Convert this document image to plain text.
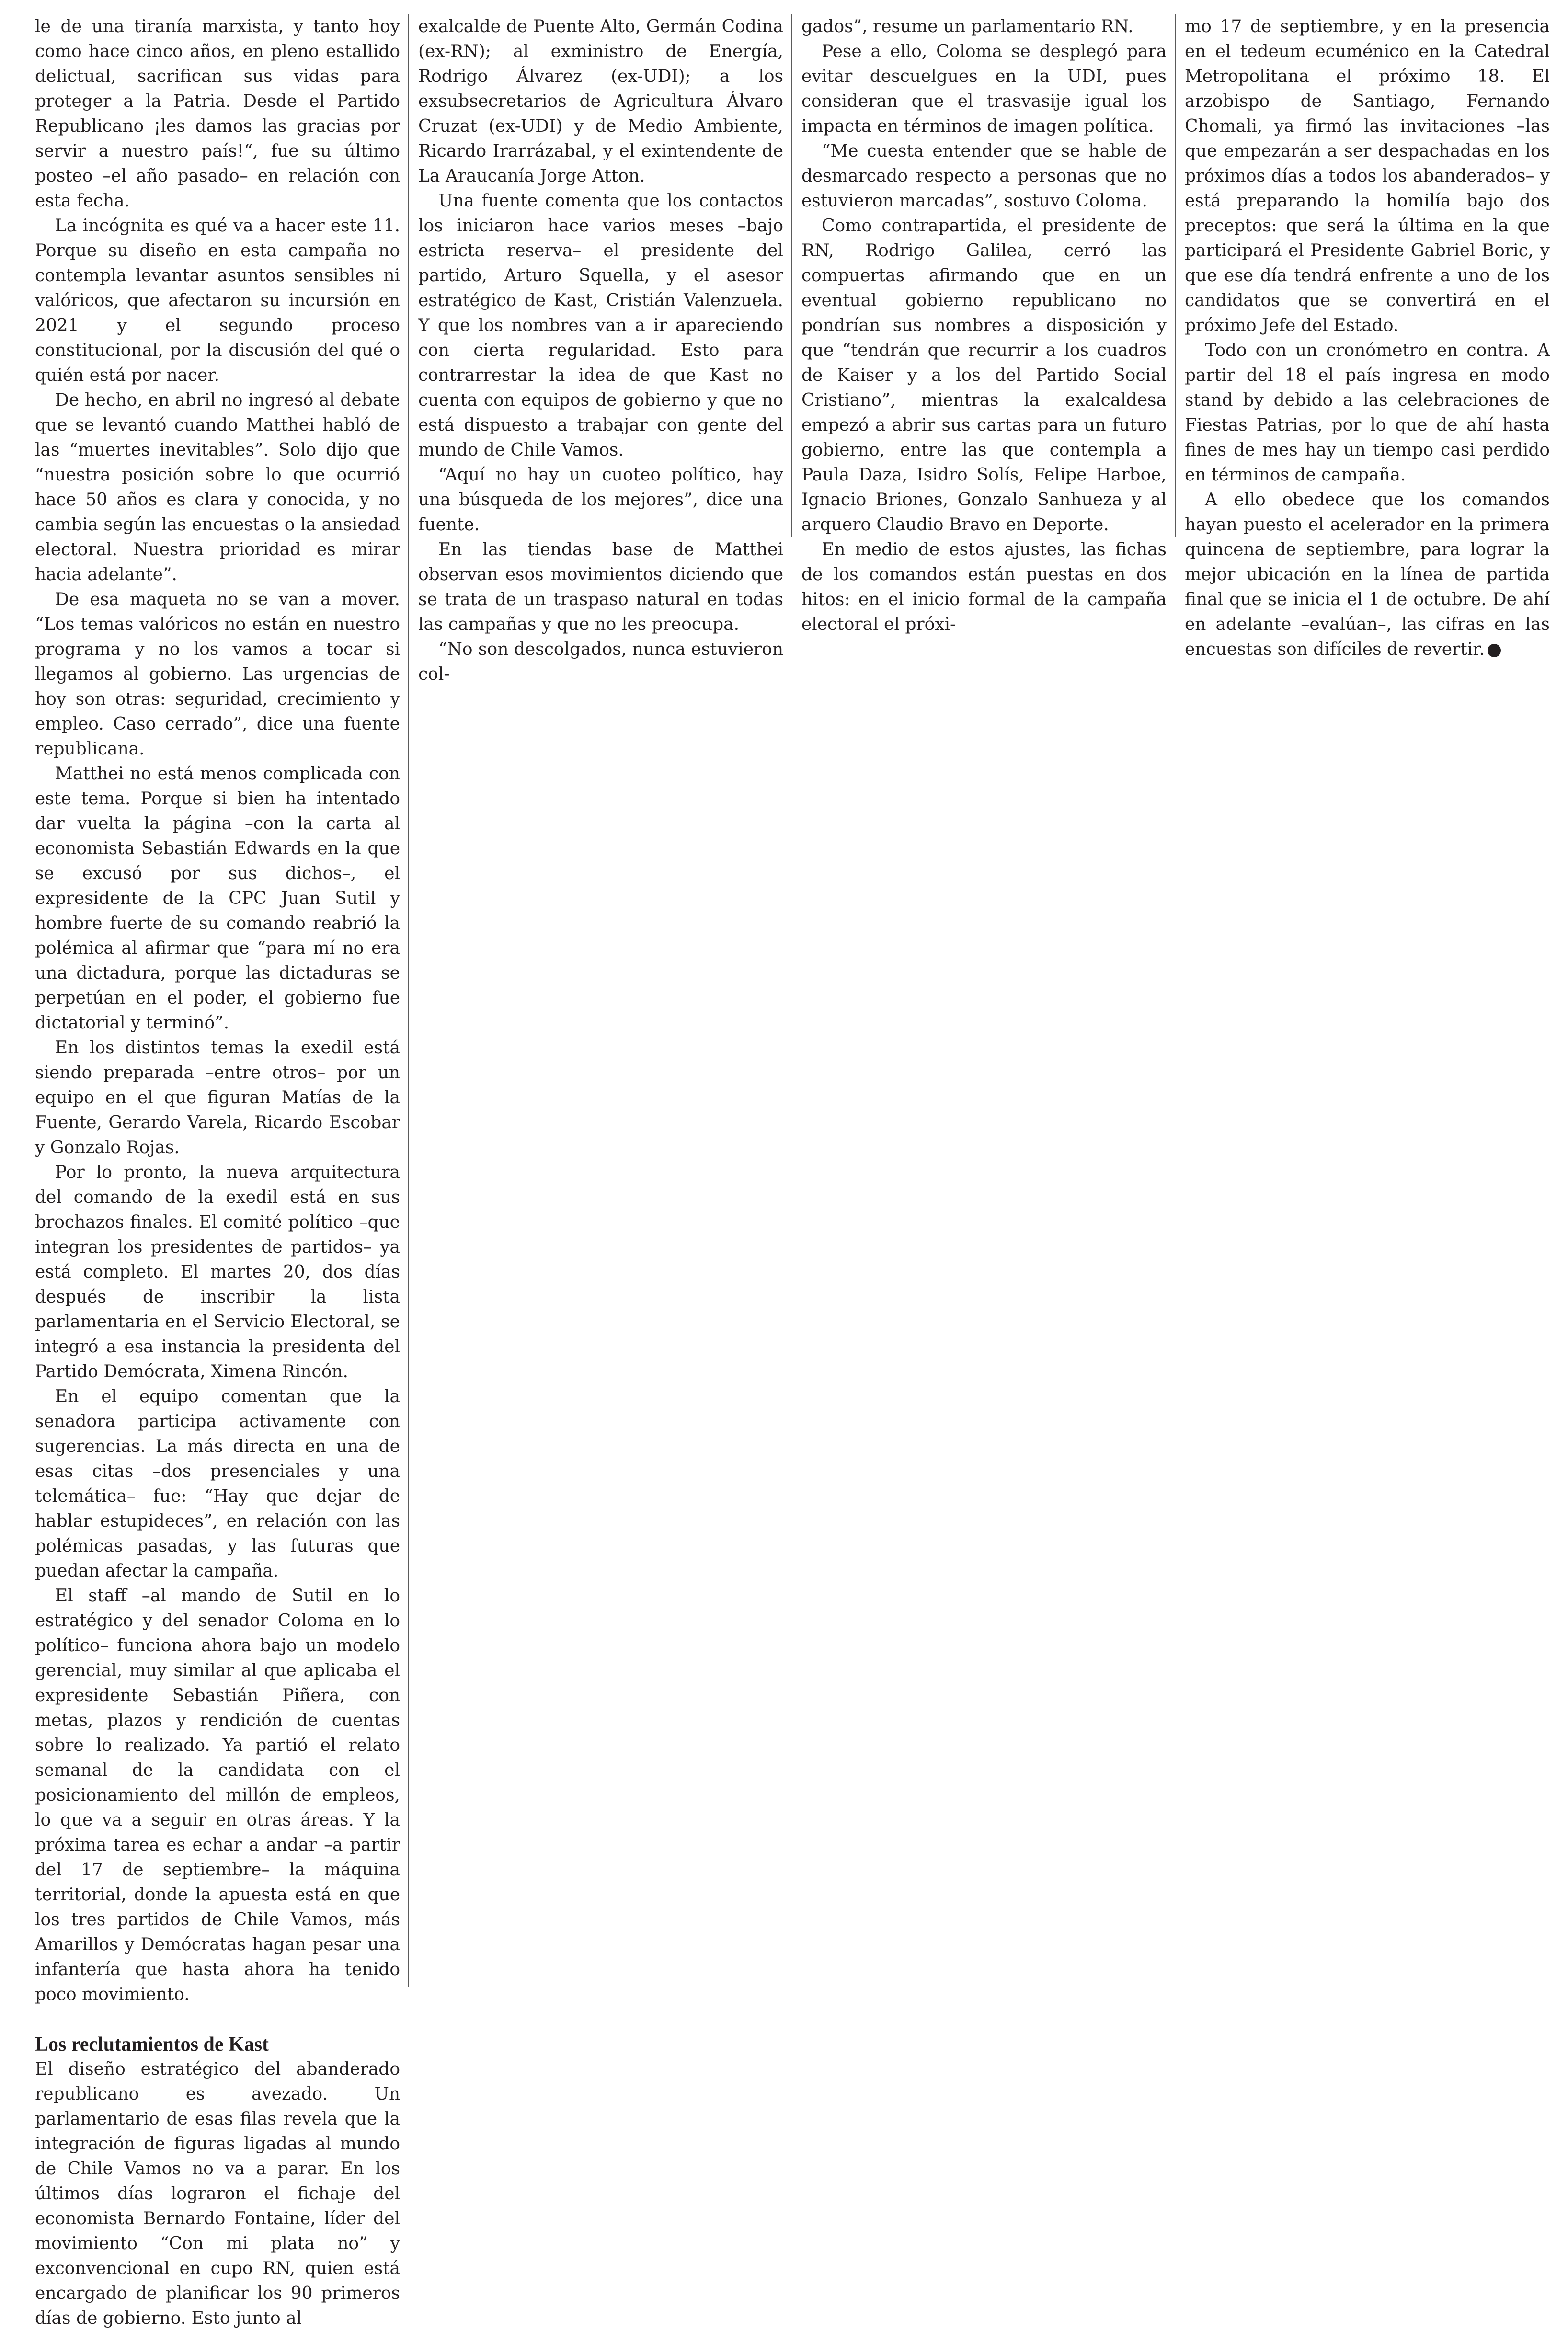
le de una tiranía marxista, y tanto hoy como hace cinco años, en pleno estallido delictual, sacrifican sus vidas para proteger a la Patria. Desde el Partido Republicano ¡les damos las gracias por servir a nuestro país!“, fue su último posteo –el año pasado– en relación con esta fecha.

La incógnita es qué va a hacer este 11. Porque su diseño en esta campaña no contempla levantar asuntos sensibles ni valóricos, que afectaron su incursión en 2021 y el segundo proceso constitucional, por la discusión del qué o quién está por nacer.

De hecho, en abril no ingresó al debate que se levantó cuando Matthei habló de las “muertes inevitables”. Solo dijo que “nuestra posición sobre lo que ocurrió hace 50 años es clara y conocida, y no cambia según las encuestas o la ansiedad electoral. Nuestra prioridad es mirar hacia adelante”.

De esa maqueta no se van a mover. “Los temas valóricos no están en nuestro programa y no los vamos a tocar si llegamos al gobierno. Las urgencias de hoy son otras: seguridad, crecimiento y empleo. Caso cerrado”, dice una fuente republicana.

Matthei no está menos complicada con este tema. Porque si bien ha intentado dar vuelta la página –con la carta al economista Sebastián Edwards en la que se excusó por sus dichos–, el expresidente de la CPC Juan Sutil y hombre fuerte de su comando reabrió la polémica al afirmar que “para mí no era una dictadura, porque las dictaduras se perpetúan en el poder, el gobierno fue dictatorial y terminó”.

En los distintos temas la exedil está siendo preparada –entre otros– por un equipo en el que figuran Matías de la Fuente, Gerardo Varela, Ricardo Escobar y Gonzalo Rojas.

Por lo pronto, la nueva arquitectura del comando de la exedil está en sus brochazos finales. El comité político –que integran los presidentes de partidos– ya está completo. El martes 20, dos días después de inscribir la lista parlamentaria en el Servicio Electoral, se integró a esa instancia la presidenta del Partido Demócrata, Ximena Rincón.

En el equipo comentan que la senadora participa activamente con sugerencias. La más directa en una de esas citas –dos presenciales y una telemática– fue: “Hay que dejar de hablar estupideces”, en relación con las polémicas pasadas, y las futuras que puedan afectar la campaña.

El staff –al mando de Sutil en lo estratégico y del senador Coloma en lo político– funciona ahora bajo un modelo gerencial, muy similar al que aplicaba el expresidente Sebastián Piñera, con metas, plazos y rendición de cuentas sobre lo realizado. Ya partió el relato semanal de la candidata con el posicionamiento del millón de empleos, lo que va a seguir en otras áreas. Y la próxima tarea es echar a andar –a partir del 17 de septiembre– la máquina territorial, donde la apuesta está en que los tres partidos de Chile Vamos, más Amarillos y Demócratas hagan pesar una infantería que hasta ahora ha tenido poco movimiento.

Los reclutamientos de Kast

El diseño estratégico del abanderado republicano es avezado. Un parlamentario de esas filas revela que la integración de figuras ligadas al mundo de Chile Vamos no va a parar. En los últimos días lograron el fichaje del economista Bernardo Fontaine, líder del movimiento “Con mi plata no” y exconvencional en cupo RN, quien está encargado de planificar los 90 primeros días de gobierno. Esto junto al

exalcalde de Puente Alto, Germán Codina (ex-RN); al exministro de Energía, Rodrigo Álvarez (ex-UDI); a los exsubsecretarios de Agricultura Álvaro Cruzat (ex-UDI) y de Medio Ambiente, Ricardo Irarrázabal, y el exintendente de La Araucanía Jorge Atton.

Una fuente comenta que los contactos los iniciaron hace varios meses –bajo estricta reserva– el presidente del partido, Arturo Squella, y el asesor estratégico de Kast, Cristián Valenzuela. Y que los nombres van a ir apareciendo con cierta regularidad. Esto para contrarrestar la idea de que Kast no cuenta con equipos de gobierno y que no está dispuesto a trabajar con gente del mundo de Chile Vamos.

“Aquí no hay un cuoteo político, hay una búsqueda de los mejores”, dice una fuente.

En las tiendas base de Matthei observan esos movimientos diciendo que se trata de un traspaso natural en todas las campañas y que no les preocupa.

“No son descolgados, nunca estuvieron col-

gados”, resume un parlamentario RN.

Pese a ello, Coloma se desplegó para evitar descuelgues en la UDI, pues consideran que el trasvasije igual los impacta en términos de imagen política.

“Me cuesta entender que se hable de desmarcado respecto a personas que no estuvieron marcadas”, sostuvo Coloma.

Como contrapartida, el presidente de RN, Rodrigo Galilea, cerró las compuertas afirmando que en un eventual gobierno republicano no pondrían sus nombres a disposición y que “tendrán que recurrir a los cuadros de Kaiser y a los del Partido Social Cristiano”, mientras la exalcaldesa empezó a abrir sus cartas para un futuro gobierno, entre las que contempla a Paula Daza, Isidro Solís, Felipe Harboe, Ignacio Briones, Gonzalo Sanhueza y al arquero Claudio Bravo en Deporte.

En medio de estos ajustes, las fichas de los comandos están puestas en dos hitos: en el inicio formal de la campaña electoral el próxi-

mo 17 de septiembre, y en la presencia en el tedeum ecuménico en la Catedral Metropolitana el próximo 18. El arzobispo de Santiago, Fernando Chomali, ya firmó las invitaciones –las que empezarán a ser despachadas en los próximos días a todos los abanderados– y está preparando la homilía bajo dos preceptos: que será la última en la que participará el Presidente Gabriel Boric, y que ese día tendrá enfrente a uno de los candidatos que se convertirá en el próximo Jefe del Estado.

Todo con un cronómetro en contra. A partir del 18 el país ingresa en modo stand by debido a las celebraciones de Fiestas Patrias, por lo que de ahí hasta fines de mes hay un tiempo casi perdido en términos de campaña.

A ello obedece que los comandos hayan puesto el acelerador en la primera quincena de septiembre, para lograr la mejor ubicación en la línea de partida final que se inicia el 1 de octubre. De ahí en adelante –evalúan–, las cifras en las encuestas son difíciles de revertir.	D
